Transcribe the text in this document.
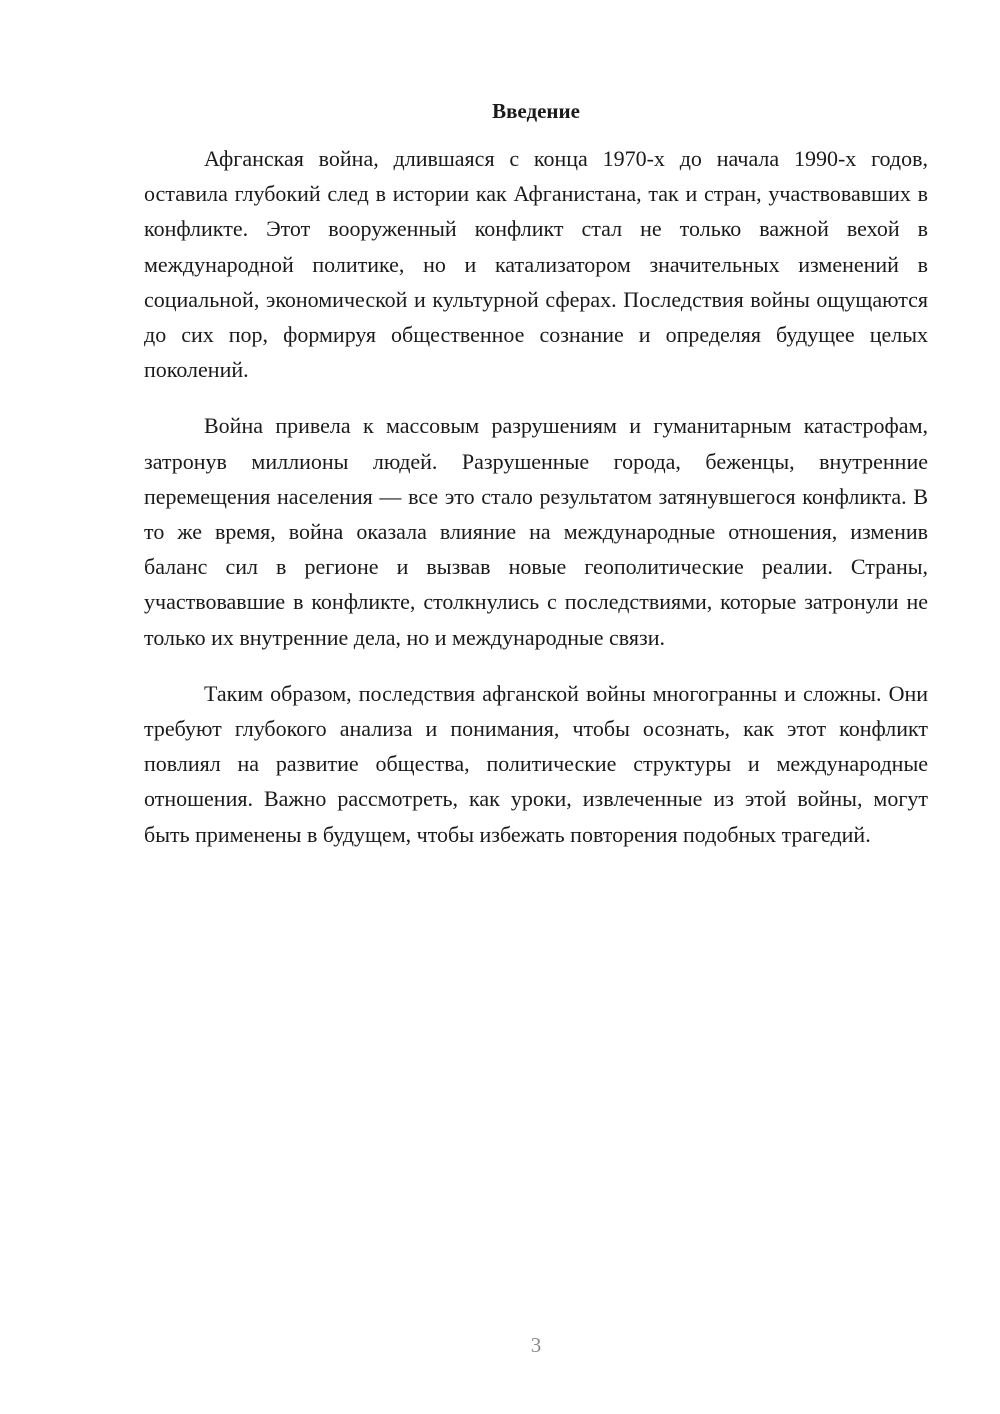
Введение

Афганская война, длившаяся с конца 1970-х до начала 1990-х годов, оставила глубокий след в истории как Афганистана, так и стран, участвовавших в конфликте. Этот вооруженный конфликт стал не только важной вехой в международной политике, но и катализатором значительных изменений в социальной, экономической и культурной сферах. Последствия войны ощущаются до сих пор, формируя общественное сознание и определяя будущее целых поколений.

Война привела к массовым разрушениям и гуманитарным катастрофам, затронув миллионы людей. Разрушенные города, беженцы, внутренние перемещения населения — все это стало результатом затянувшегося конфликта. В то же время, война оказала влияние на международные отношения, изменив баланс сил в регионе и вызвав новые геополитические реалии. Страны, участвовавшие в конфликте, столкнулись с последствиями, которые затронули не только их внутренние дела, но и международные связи.

Таким образом, последствия афганской войны многогранны и сложны. Они требуют глубокого анализа и понимания, чтобы осознать, как этот конфликт повлиял на развитие общества, политические структуры и международные отношения. Важно рассмотреть, как уроки, извлеченные из этой войны, могут быть применены в будущем, чтобы избежать повторения подобных трагедий.

3
